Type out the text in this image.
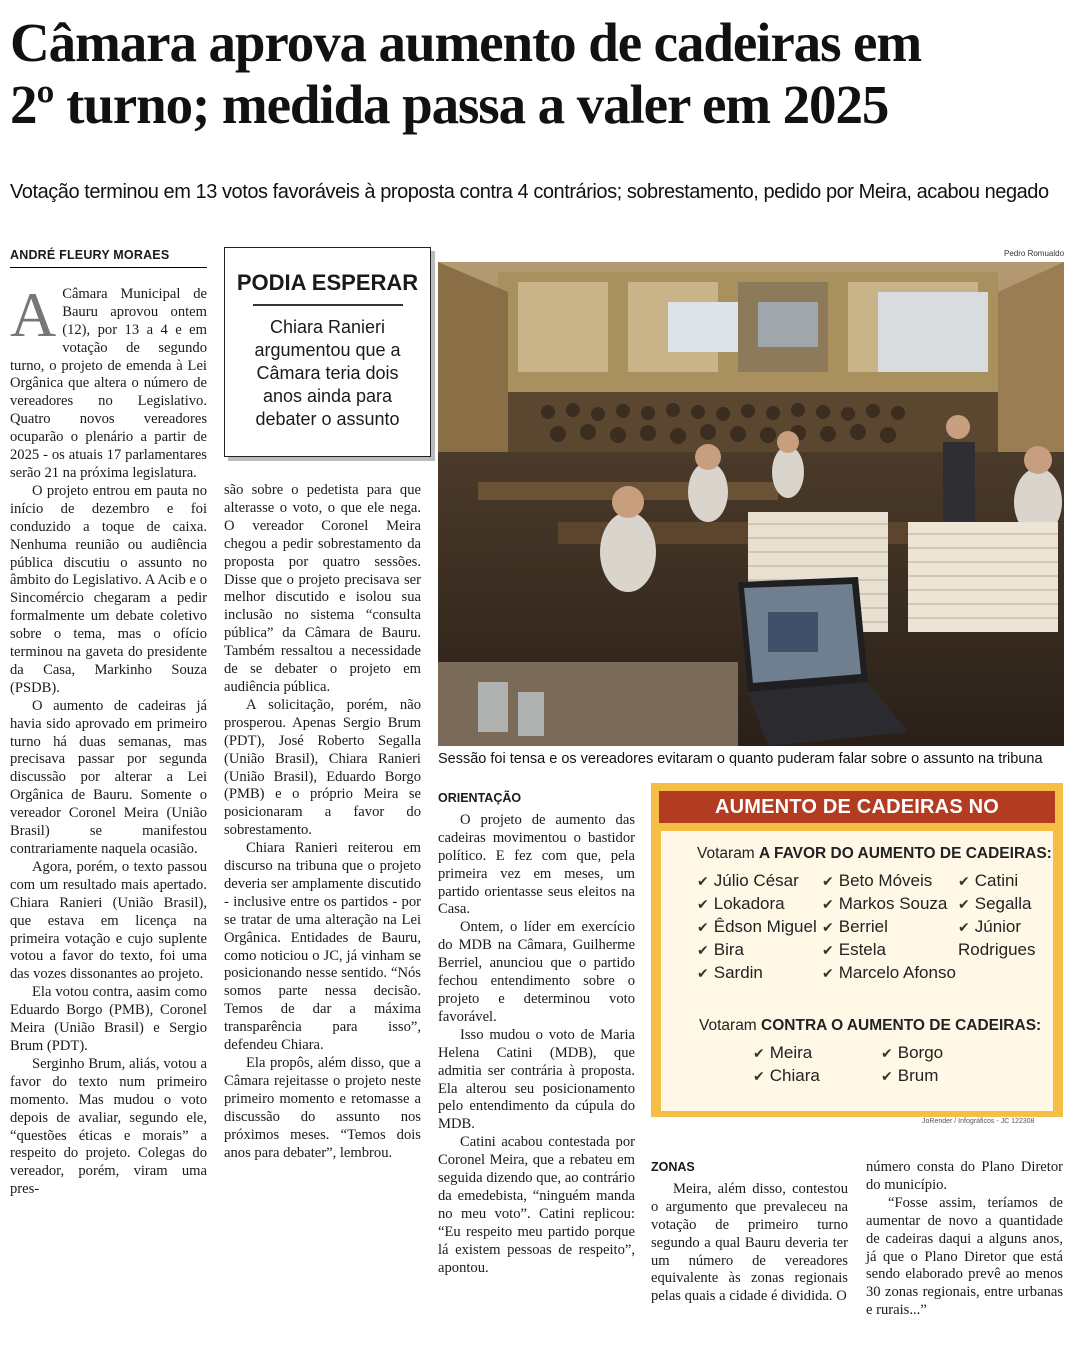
Câmara aprova aumento de cadeiras em
2º turno; medida passa a valer em 2025

Votação terminou em 13 votos favoráveis à proposta contra 4 contrários; sobrestamento, pedido por Meira, acabou negado

ANDRÉ FLEURY MORAES

A Câmara Municipal de Bauru aprovou ontem (12), por 13 a 4 e em votação de segundo turno, o projeto de emenda à Lei Orgânica que altera o número de vereadores no Legislativo. Quatro novos vereadores ocuparão o plenário a partir de 2025 - os atuais 17 parlamentares serão 21 na próxima legislatura.

O projeto entrou em pauta no início de dezembro e foi conduzido a toque de caixa. Nenhuma reunião ou audiência pública discutiu o assunto no âmbito do Legislativo. A Acib e o Sincomércio chegaram a pedir formalmente um debate coletivo sobre o tema, mas o ofício terminou na gaveta do presidente da Casa, Markinho Souza (PSDB).

O aumento de cadeiras já havia sido aprovado em primeiro turno há duas semanas, mas precisava passar por segunda discussão por alterar a Lei Orgânica de Bauru. Somente o vereador Coronel Meira (União Brasil) se manifestou contrariamente naquela ocasião.

Agora, porém, o texto passou com um resultado mais apertado. Chiara Ranieri (União Brasil), que estava em licença na primeira votação e cujo suplente votou a favor do texto, foi uma das vozes dissonantes ao projeto.

Ela votou contra, aasim como Eduardo Borgo (PMB), Coronel Meira (União Brasil) e Sergio Brum (PDT).

Serginho Brum, aliás, votou a favor do texto num primeiro momento. Mas mudou o voto depois de avaliar, segundo ele, “questões éticas e morais” a respeito do projeto. Colegas do vereador, porém, viram uma pres-

PODIA ESPERAR
Chiara Ranieri argumentou que a Câmara teria dois anos ainda para debater o assunto

são sobre o pedetista para que alterasse o voto, o que ele nega. O vereador Coronel Meira chegou a pedir sobrestamento da proposta por quatro sessões. Disse que o projeto precisava ser melhor discutido e isolou sua inclusão no sistema “consulta pública” da Câmara de Bauru. Também ressaltou a necessidade de se debater o projeto em audiência pública.

A solicitação, porém, não prosperou. Apenas Sergio Brum (PDT), José Roberto Segalla (União Brasil), Chiara Ranieri (União Brasil), Eduardo Borgo (PMB) e o próprio Meira se posicionaram a favor do sobrestamento.

Chiara Ranieri reiterou em discurso na tribuna que o projeto deveria ser amplamente discutido - inclusive entre os partidos - por se tratar de uma alteração na Lei Orgânica. Entidades de Bauru, como noticiou o JC, já vinham se posicionando nesse sentido. “Nós somos parte nessa decisão. Temos de dar a máxima transparência para isso”, defendeu Chiara.

Ela propôs, além disso, que a Câmara rejeitasse o projeto neste primeiro momento e retomasse a discussão do assunto nos próximos meses. “Temos dois anos para debater”, lembrou.

Pedro Romualdo
Sessão foi tensa e os vereadores evitaram o quanto puderam falar sobre o assunto na tribuna
ORIENTAÇÃO

O projeto de aumento das cadeiras movimentou o bastidor político. E fez com que, pela primeira vez em meses, um partido orientasse seus eleitos na Casa.

Ontem, o líder em exercício do MDB na Câmara, Guilherme Berriel, anunciou que o partido fechou entendimento sobre o projeto e determinou voto favorável.

Isso mudou o voto de Maria Helena Catini (MDB), que admitia ser contrária à proposta. Ela alterou seu posicionamento pelo entendimento da cúpula do MDB.

Catini acabou contestada por Coronel Meira, que a rebateu em seguida dizendo que, ao contrário da emedebista, “ninguém manda no meu voto”. Catini replicou: “Eu respeito meu partido porque lá existem pessoas de respeito”, apontou.

AUMENTO DE CADEIRAS NO
Votaram A FAVOR DO AUMENTO DE CADEIRAS:
✔ Júlio César
✔ Lokadora
✔ Êdson Miguel
✔ Bira
✔ Sardin
✔ Beto Móveis
✔ Markos Souza
✔ Berriel
✔ Estela
✔ Marcelo Afonso
✔ Catini
✔ Segalla
✔ Júnior
Rodrigues
Votaram CONTRA O AUMENTO DE CADEIRAS:
✔ Meira
✔ Chiara
✔ Borgo
✔ Brum
JoRender / Infográficos - JC 122308
ZONAS

Meira, além disso, contestou o argumento que prevaleceu na votação de primeiro turno segundo a qual Bauru deveria ter um número de vereadores equivalente às zonas regionais pelas quais a cidade é dividida. O

número consta do Plano Diretor do município.

“Fosse assim, teríamos de aumentar de novo a quantidade de cadeiras daqui a alguns anos, já que o Plano Diretor que está sendo elaborado prevê ao menos 30 zonas regionais, entre urbanas e rurais...”
